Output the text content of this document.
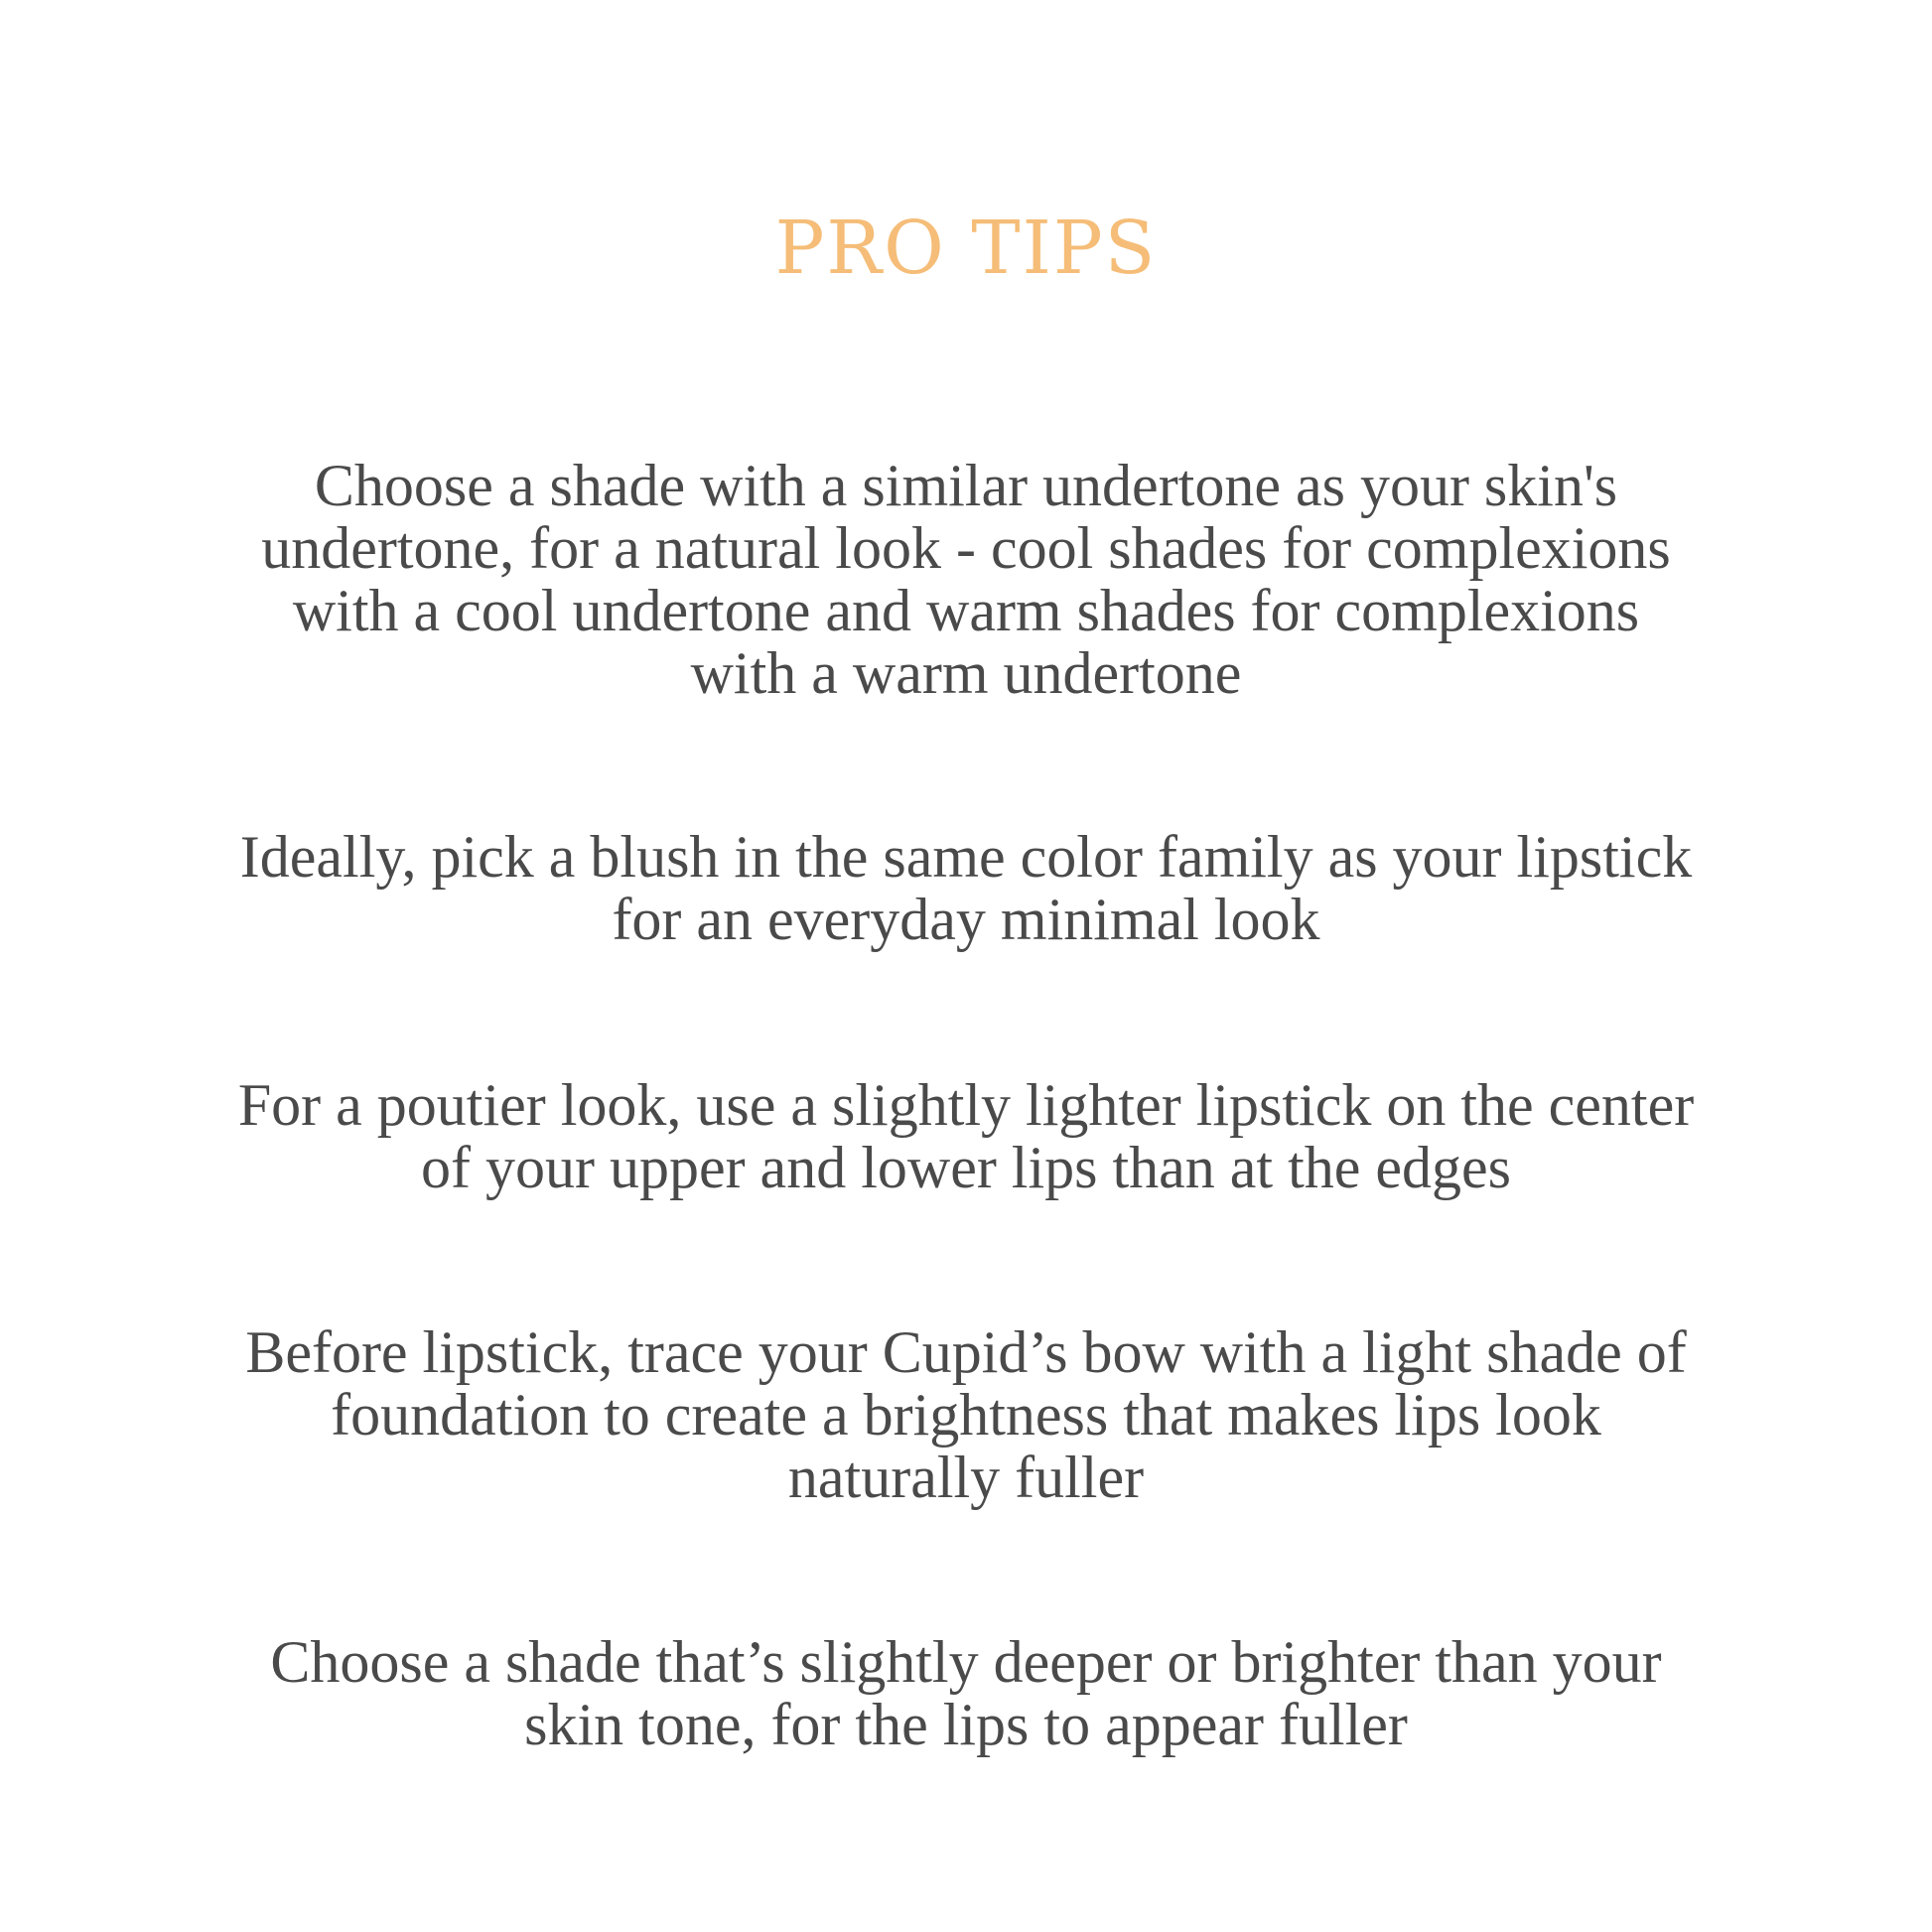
PRO TIPS
Choose a shade with a similar undertone as your skin's
undertone, for a natural look - cool shades for complexions
with a cool undertone and warm shades for complexions
with a warm undertone
Ideally, pick a blush in the same color family as your lipstick
for an everyday minimal look
For a poutier look, use a slightly lighter lipstick on the center
of your upper and lower lips than at the edges
Before lipstick, trace your Cupid’s bow with a light shade of
foundation to create a brightness that makes lips look
naturally fuller
Choose a shade that’s slightly deeper or brighter than your
skin tone, for the lips to appear fuller
